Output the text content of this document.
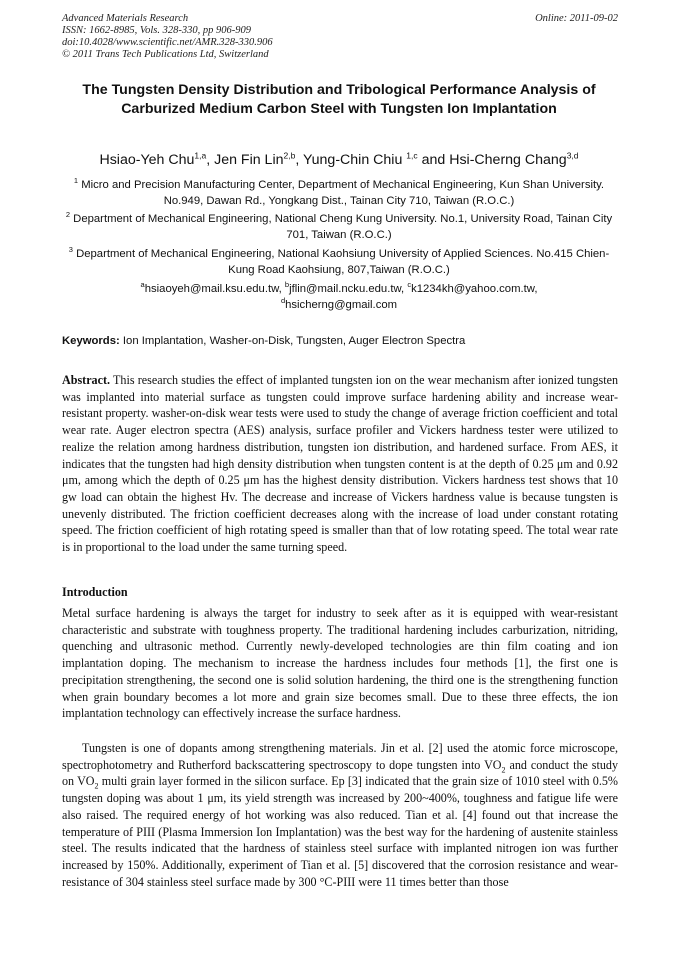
Advanced Materials Research	Online: 2011-09-02
ISSN: 1662-8985, Vols. 328-330, pp 906-909
doi:10.4028/www.scientific.net/AMR.328-330.906
© 2011 Trans Tech Publications Ltd, Switzerland
The Tungsten Density Distribution and Tribological Performance Analysis of Carburized Medium Carbon Steel with Tungsten Ion Implantation
Hsiao-Yeh Chu$^{1,a}$, Jen Fin Lin$^{2,b}$, Yung-Chin Chiu $^{1,c}$ and Hsi-Cherng Chang$^{3,d}$
$^1$ Micro and Precision Manufacturing Center, Department of Mechanical Engineering, Kun Shan University. No.949, Dawan Rd., Yongkang Dist., Tainan City 710, Taiwan (R.O.C.)
$^2$ Department of Mechanical Engineering, National Cheng Kung University. No.1, University Road, Tainan City 701, Taiwan (R.O.C.)
$^3$ Department of Mechanical Engineering, National Kaohsiung University of Applied Sciences. No.415 Chien-Kung Road Kaohsiung, 807,Taiwan (R.O.C.)
$^a$hsiaoyeh@mail.ksu.edu.tw, $^b$jflin@mail.ncku.edu.tw, $^c$k1234kh@yahoo.com.tw,
$^d$hsicherng@gmail.com
Keywords: Ion Implantation, Washer-on-Disk, Tungsten, Auger Electron Spectra
Abstract. This research studies the effect of implanted tungsten ion on the wear mechanism after ionized tungsten was implanted into material surface as tungsten could improve surface hardening ability and increase wear-resistant property. washer-on-disk wear tests were used to study the change of average friction coefficient and total wear rate. Auger electron spectra (AES) analysis, surface profiler and Vickers hardness tester were utilized to realize the relation among hardness distribution, tungsten ion distribution, and hardened surface. From AES, it indicates that the tungsten had high density distribution when tungsten content is at the depth of 0.25 μm and 0.92 μm, among which the depth of 0.25 μm has the highest density distribution. Vickers hardness test shows that 10 gw load can obtain the highest Hv. The decrease and increase of Vickers hardness value is because tungsten is unevenly distributed. The friction coefficient decreases along with the increase of load under constant rotating speed. The friction coefficient of high rotating speed is smaller than that of low rotating speed. The total wear rate is in proportional to the load under the same turning speed.
Introduction
Metal surface hardening is always the target for industry to seek after as it is equipped with wear-resistant characteristic and substrate with toughness property. The traditional hardening includes carburization, nitriding, quenching and ultrasonic method. Currently newly-developed technologies are thin film coating and ion implantation doping. The mechanism to increase the hardness includes four methods [1], the first one is precipitation strengthening, the second one is solid solution hardening, the third one is the strengthening function when grain boundary becomes a lot more and grain size becomes small. Due to these three effects, the ion implantation technology can effectively increase the surface hardness.
Tungsten is one of dopants among strengthening materials. Jin et al. [2] used the atomic force microscope, spectrophotometry and Rutherford backscattering spectroscopy to dope tungsten into $VO_2$ and conduct the study on $VO_2$ multi grain layer formed in the silicon surface. Ep [3] indicated that the grain size of 1010 steel with 0.5% tungsten doping was about 1 μm, its yield strength was increased by 200~400%, toughness and fatigue life were also raised. The required energy of hot working was also reduced. Tian et al. [4] found out that increase the temperature of PIII (Plasma Immersion Ion Implantation) was the best way for the hardening of austenite stainless steel. The results indicated that the hardness of stainless steel surface with implanted nitrogen ion was further increased by 150%. Additionally, experiment of Tian et al. [5] discovered that the corrosion resistance and wear-resistance of 304 stainless steel surface made by 300 °C-PIII were 11 times better than those
